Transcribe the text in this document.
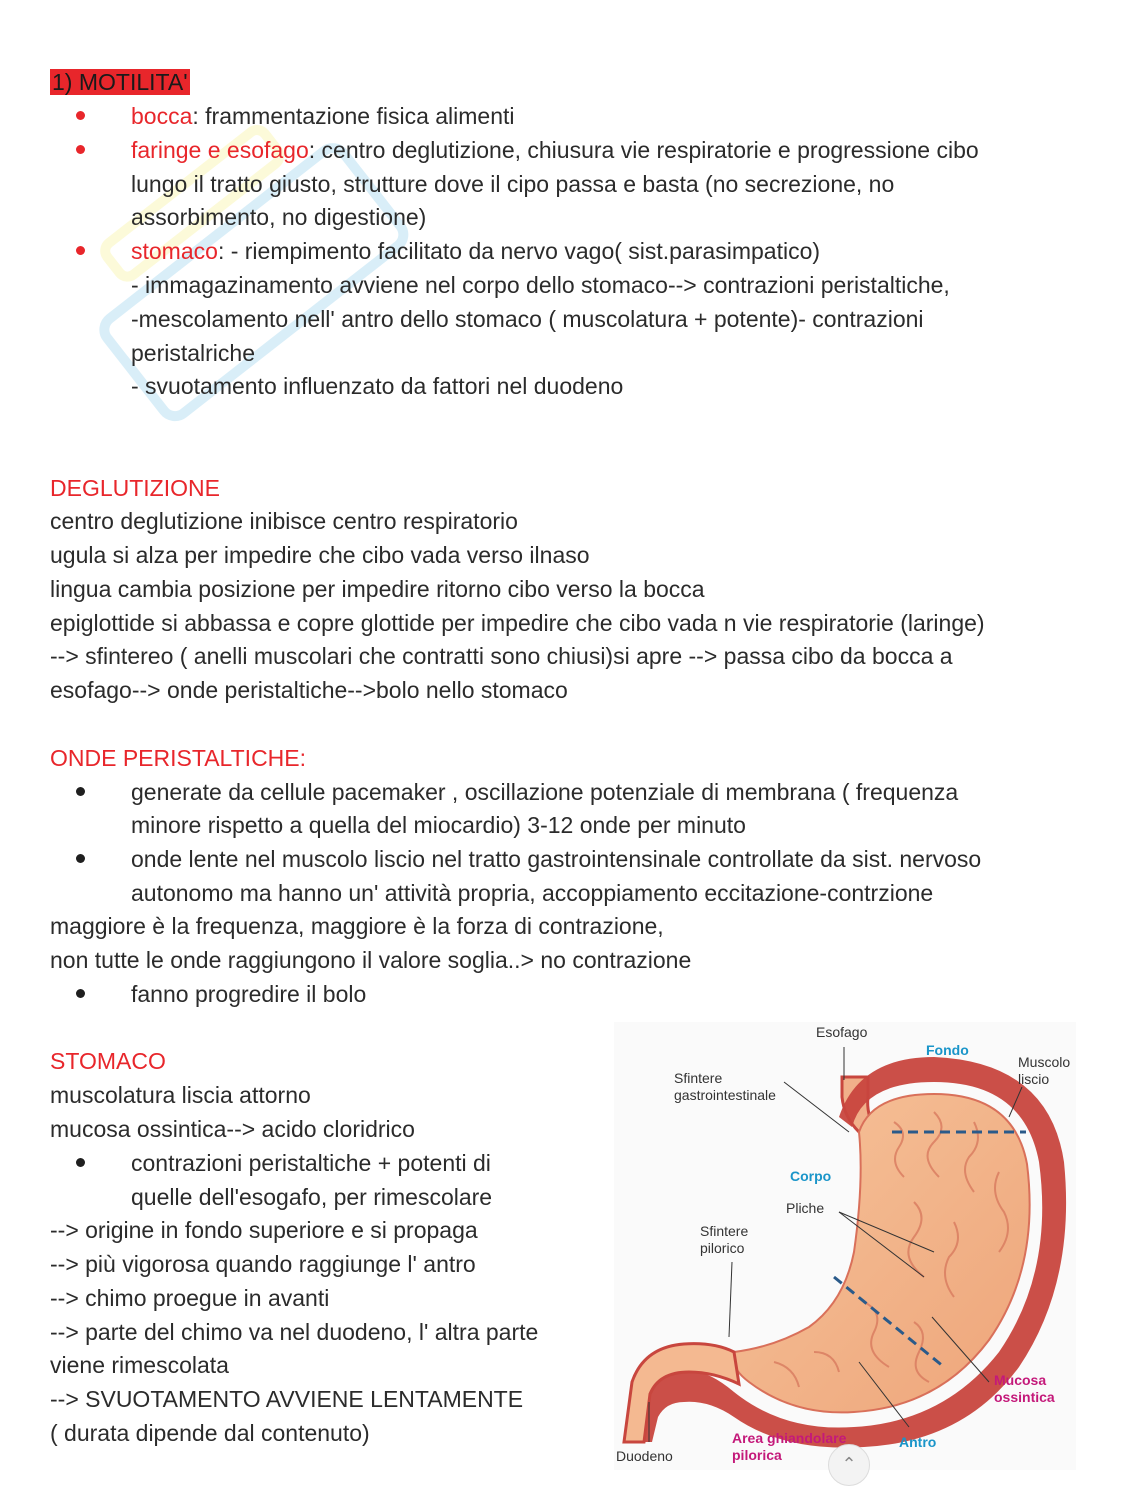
1) MOTILITA'
bocca: frammentazione fisica alimenti
faringe e esofago: centro deglutizione, chiusura vie respiratorie e progressione cibo
lungo il tratto giusto, strutture dove il cipo passa e basta (no secrezione, no
assorbimento, no digestione)
stomaco: - riempimento facilitato da nervo vago( sist.parasimpatico)
- immagazinamento avviene nel corpo dello stomaco--> contrazioni peristaltiche,
-mescolamento nell' antro dello stomaco ( muscolatura + potente)- contrazioni
peristalriche
- svuotamento influenzato da fattori nel duodeno
DEGLUTIZIONE
centro deglutizione inibisce centro respiratorio
ugula si alza per impedire che cibo vada verso ilnaso
lingua cambia posizione per impedire ritorno cibo verso la bocca
epiglottide si abbassa e copre glottide per impedire che cibo vada n vie respiratorie (laringe)
--> sfintereo ( anelli muscolari che contratti sono chiusi)si apre --> passa cibo da bocca a
esofago--> onde peristaltiche-->bolo nello stomaco
ONDE PERISTALTICHE:
generate da cellule pacemaker , oscillazione potenziale di membrana ( frequenza
minore rispetto a quella del miocardio) 3-12 onde per minuto
onde lente nel muscolo liscio nel tratto gastrointensinale controllate da sist. nervoso
autonomo ma hanno un' attività propria, accoppiamento eccitazione-contrzione
maggiore è la frequenza, maggiore è la forza di contrazione,
non tutte le onde raggiungono il valore soglia..> no contrazione
fanno progredire il bolo
STOMACO
muscolatura liscia attorno
mucosa ossintica--> acido cloridrico
contrazioni peristaltiche + potenti di
quelle dell'esogafo, per rimescolare
--> origine in fondo superiore e si propaga
--> più vigorosa quando raggiunge l' antro
--> chimo proegue in avanti
--> parte del chimo va nel duodeno, l' altra parte
viene rimescolata
--> SVUOTAMENTO AVVIENE LENTAMENTE
( durata dipende dal contenuto)
Esofago
Fondo
Muscolo
liscio
Sfintere
gastrointestinale
Corpo
Pliche
Sfintere
pilorico
Mucosa
ossintica
Antro
Area ghiandolare
pilorica
Duodeno	⌃
